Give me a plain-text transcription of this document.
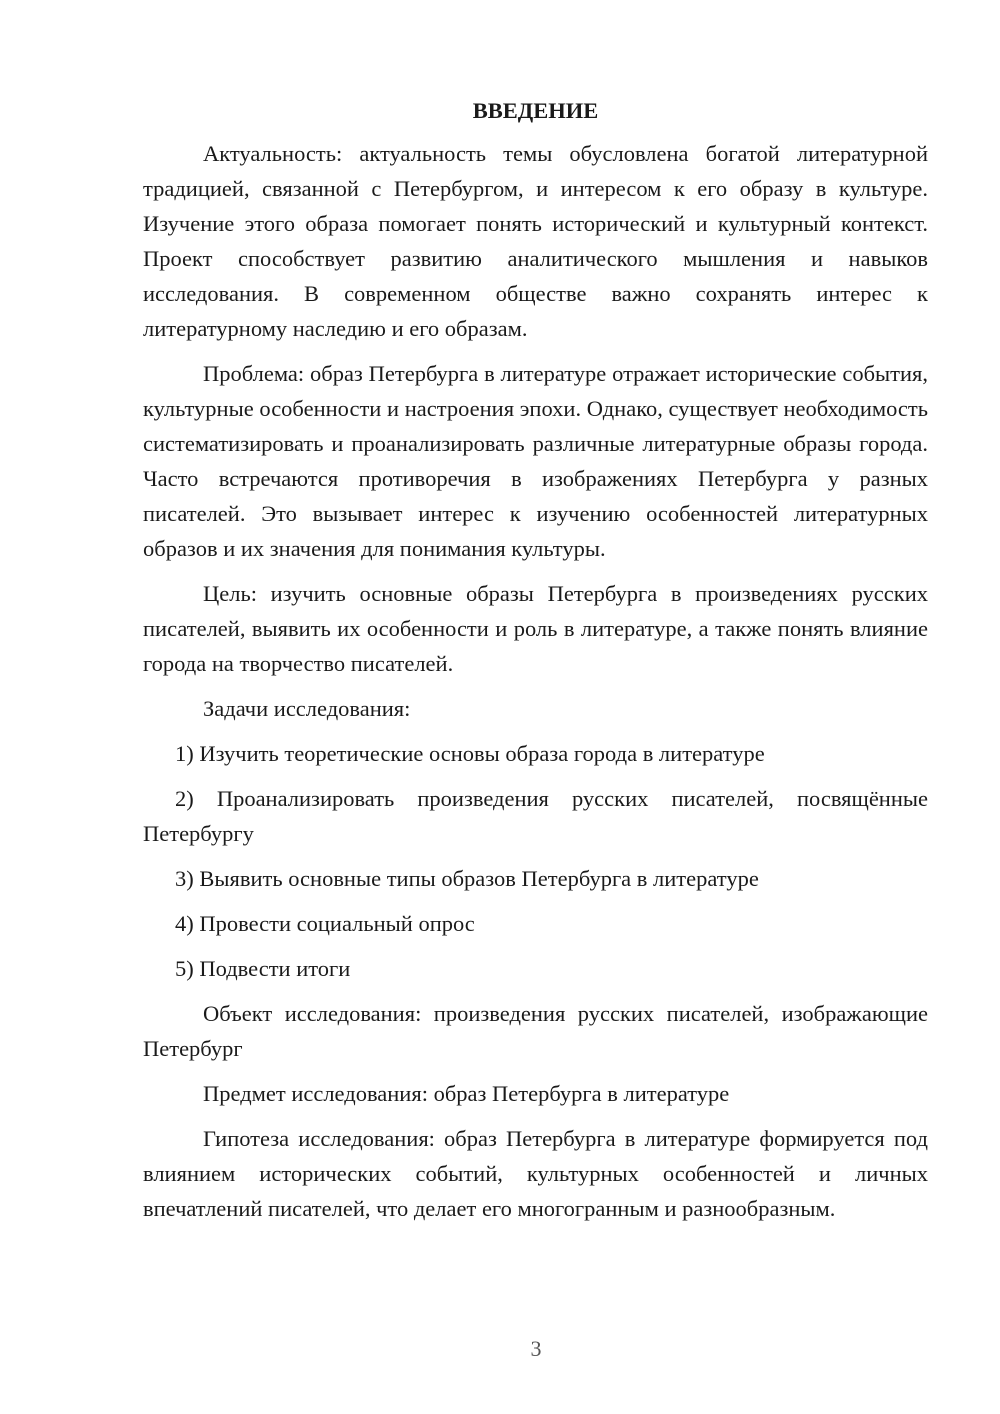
ВВЕДЕНИЕ

Актуальность: актуальность темы обусловлена богатой литературной традицией, связанной с Петербургом, и интересом к его образу в культуре. Изучение этого образа помогает понять исторический и культурный контекст. Проект способствует развитию аналитического мышления и навыков исследования. В современном обществе важно сохранять интерес к литературному наследию и его образам.

Проблема: образ Петербурга в литературе отражает исторические события, культурные особенности и настроения эпохи. Однако, существует необходимость систематизировать и проанализировать различные литературные образы города. Часто встречаются противоречия в изображениях Петербурга у разных писателей. Это вызывает интерес к изучению особенностей литературных образов и их значения для понимания культуры.

Цель: изучить основные образы Петербурга в произведениях русских писателей, выявить их особенности и роль в литературе, а также понять влияние города на творчество писателей.

Задачи исследования:

1) Изучить теоретические основы образа города в литературе

2) Проанализировать произведения русских писателей, посвящённые Петербургу

3) Выявить основные типы образов Петербурга в литературе

4) Провести социальный опрос

5) Подвести итоги

Объект исследования: произведения русских писателей, изображающие Петербург

Предмет исследования: образ Петербурга в литературе

Гипотеза исследования: образ Петербурга в литературе формируется под влиянием исторических событий, культурных особенностей и личных впечатлений писателей, что делает его многогранным и разнообразным.

3
